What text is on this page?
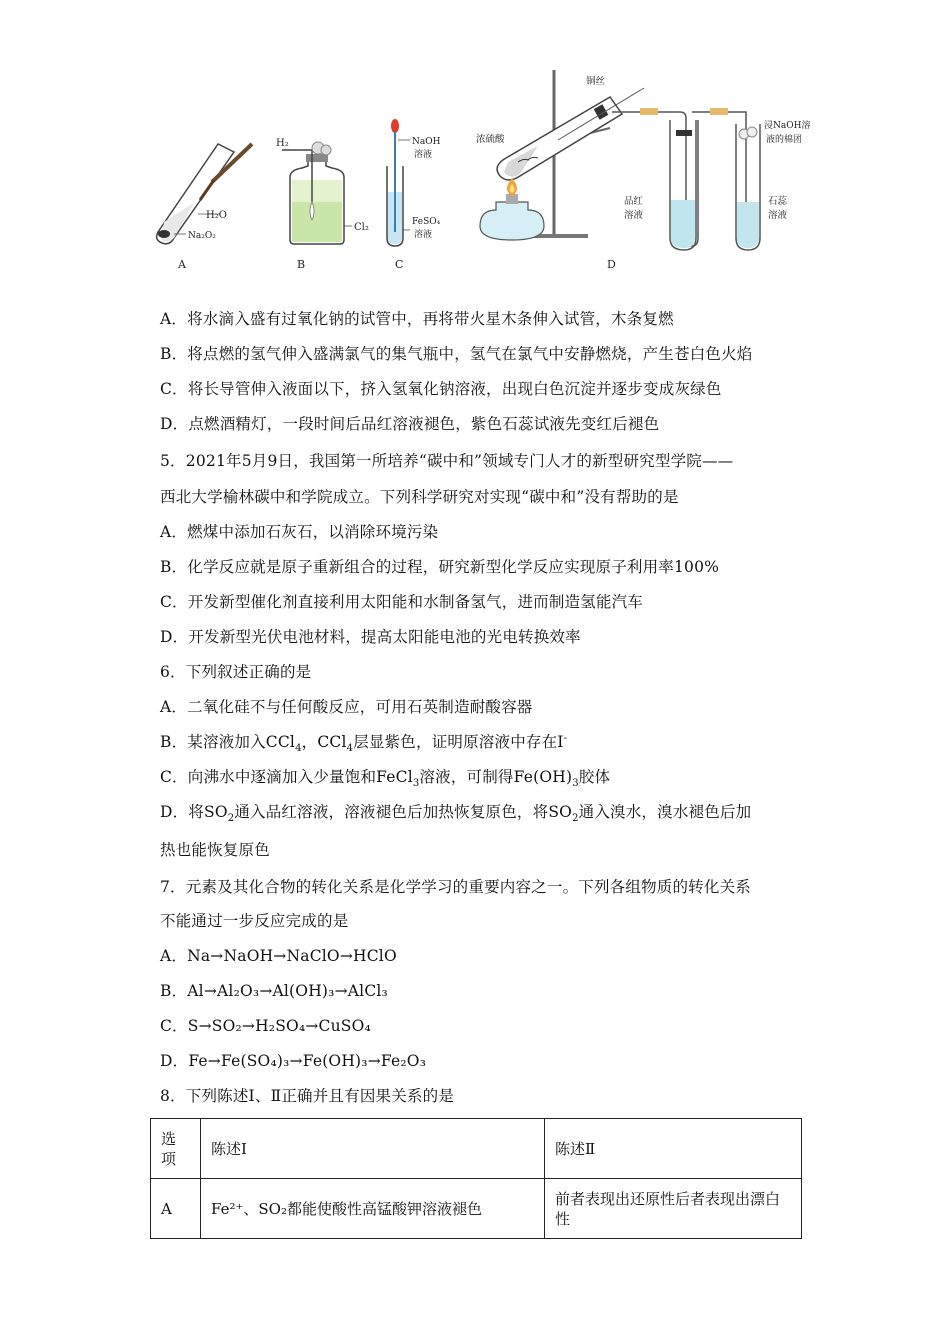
H₂O
Na₂O₂
A
H₂
Cl₂
B
NaOH
溶液
FeSO₄
溶液
C
浓硫酸
铜丝
品红
溶液
石蕊
溶液
浸NaOH溶
液的棉团
D
A．将水滴入盛有过氧化钠的试管中，再将带火星木条伸入试管，木条复燃
B．将点燃的氢气伸入盛满氯气的集气瓶中，氢气在氯气中安静燃烧，产生苍白色火焰
C．将长导管伸入液面以下，挤入氢氧化钠溶液，出现白色沉淀并逐步变成灰绿色
D．点燃酒精灯，一段时间后品红溶液褪色，紫色石蕊试液先变红后褪色
5．2021年5月9日，我国第一所培养“碳中和”领域专门人才的新型研究型学院——
西北大学榆林碳中和学院成立。下列科学研究对实现“碳中和”没有帮助的是
A．燃煤中添加石灰石，以消除环境污染
B．化学反应就是原子重新组合的过程，研究新型化学反应实现原子利用率100%
C．开发新型催化剂直接利用太阳能和水制备氢气，进而制造氢能汽车
D．开发新型光伏电池材料，提高太阳能电池的光电转换效率
6．下列叙述正确的是
A．二氧化硅不与任何酸反应，可用石英制造耐酸容器
B．某溶液加入CCl$_4$，CCl$_4$层显紫色，证明原溶液中存在I-
C．向沸水中逐滴加入少量饱和FeCl$_3$溶液，可制得$Fe(OH)_3$胶体
D．将$SO_2$通入品红溶液，溶液褪色后加热恢复原色，将$SO_2$通入溴水，溴水褪色后加
热也能恢复原色
7．元素及其化合物的转化关系是化学学习的重要内容之一。下列各组物质的转化关系
不能通过一步反应完成的是
A．Na→NaOH→NaClO→HClO
B．Al→Al₂O₃→Al(OH)₃→AlCl₃
C．S→SO₂→H₂SO₄→CuSO₄
D．Fe→Fe(SO₄)₃→Fe(OH)₃→Fe₂O₃
8．下列陈述Ⅰ、Ⅱ正确并且有因果关系的是
选项	陈述Ⅰ	陈述Ⅱ
A	Fe²⁺、SO₂都能使酸性高锰酸钾溶液褪色	前者表现出还原性后者表现出漂白性
